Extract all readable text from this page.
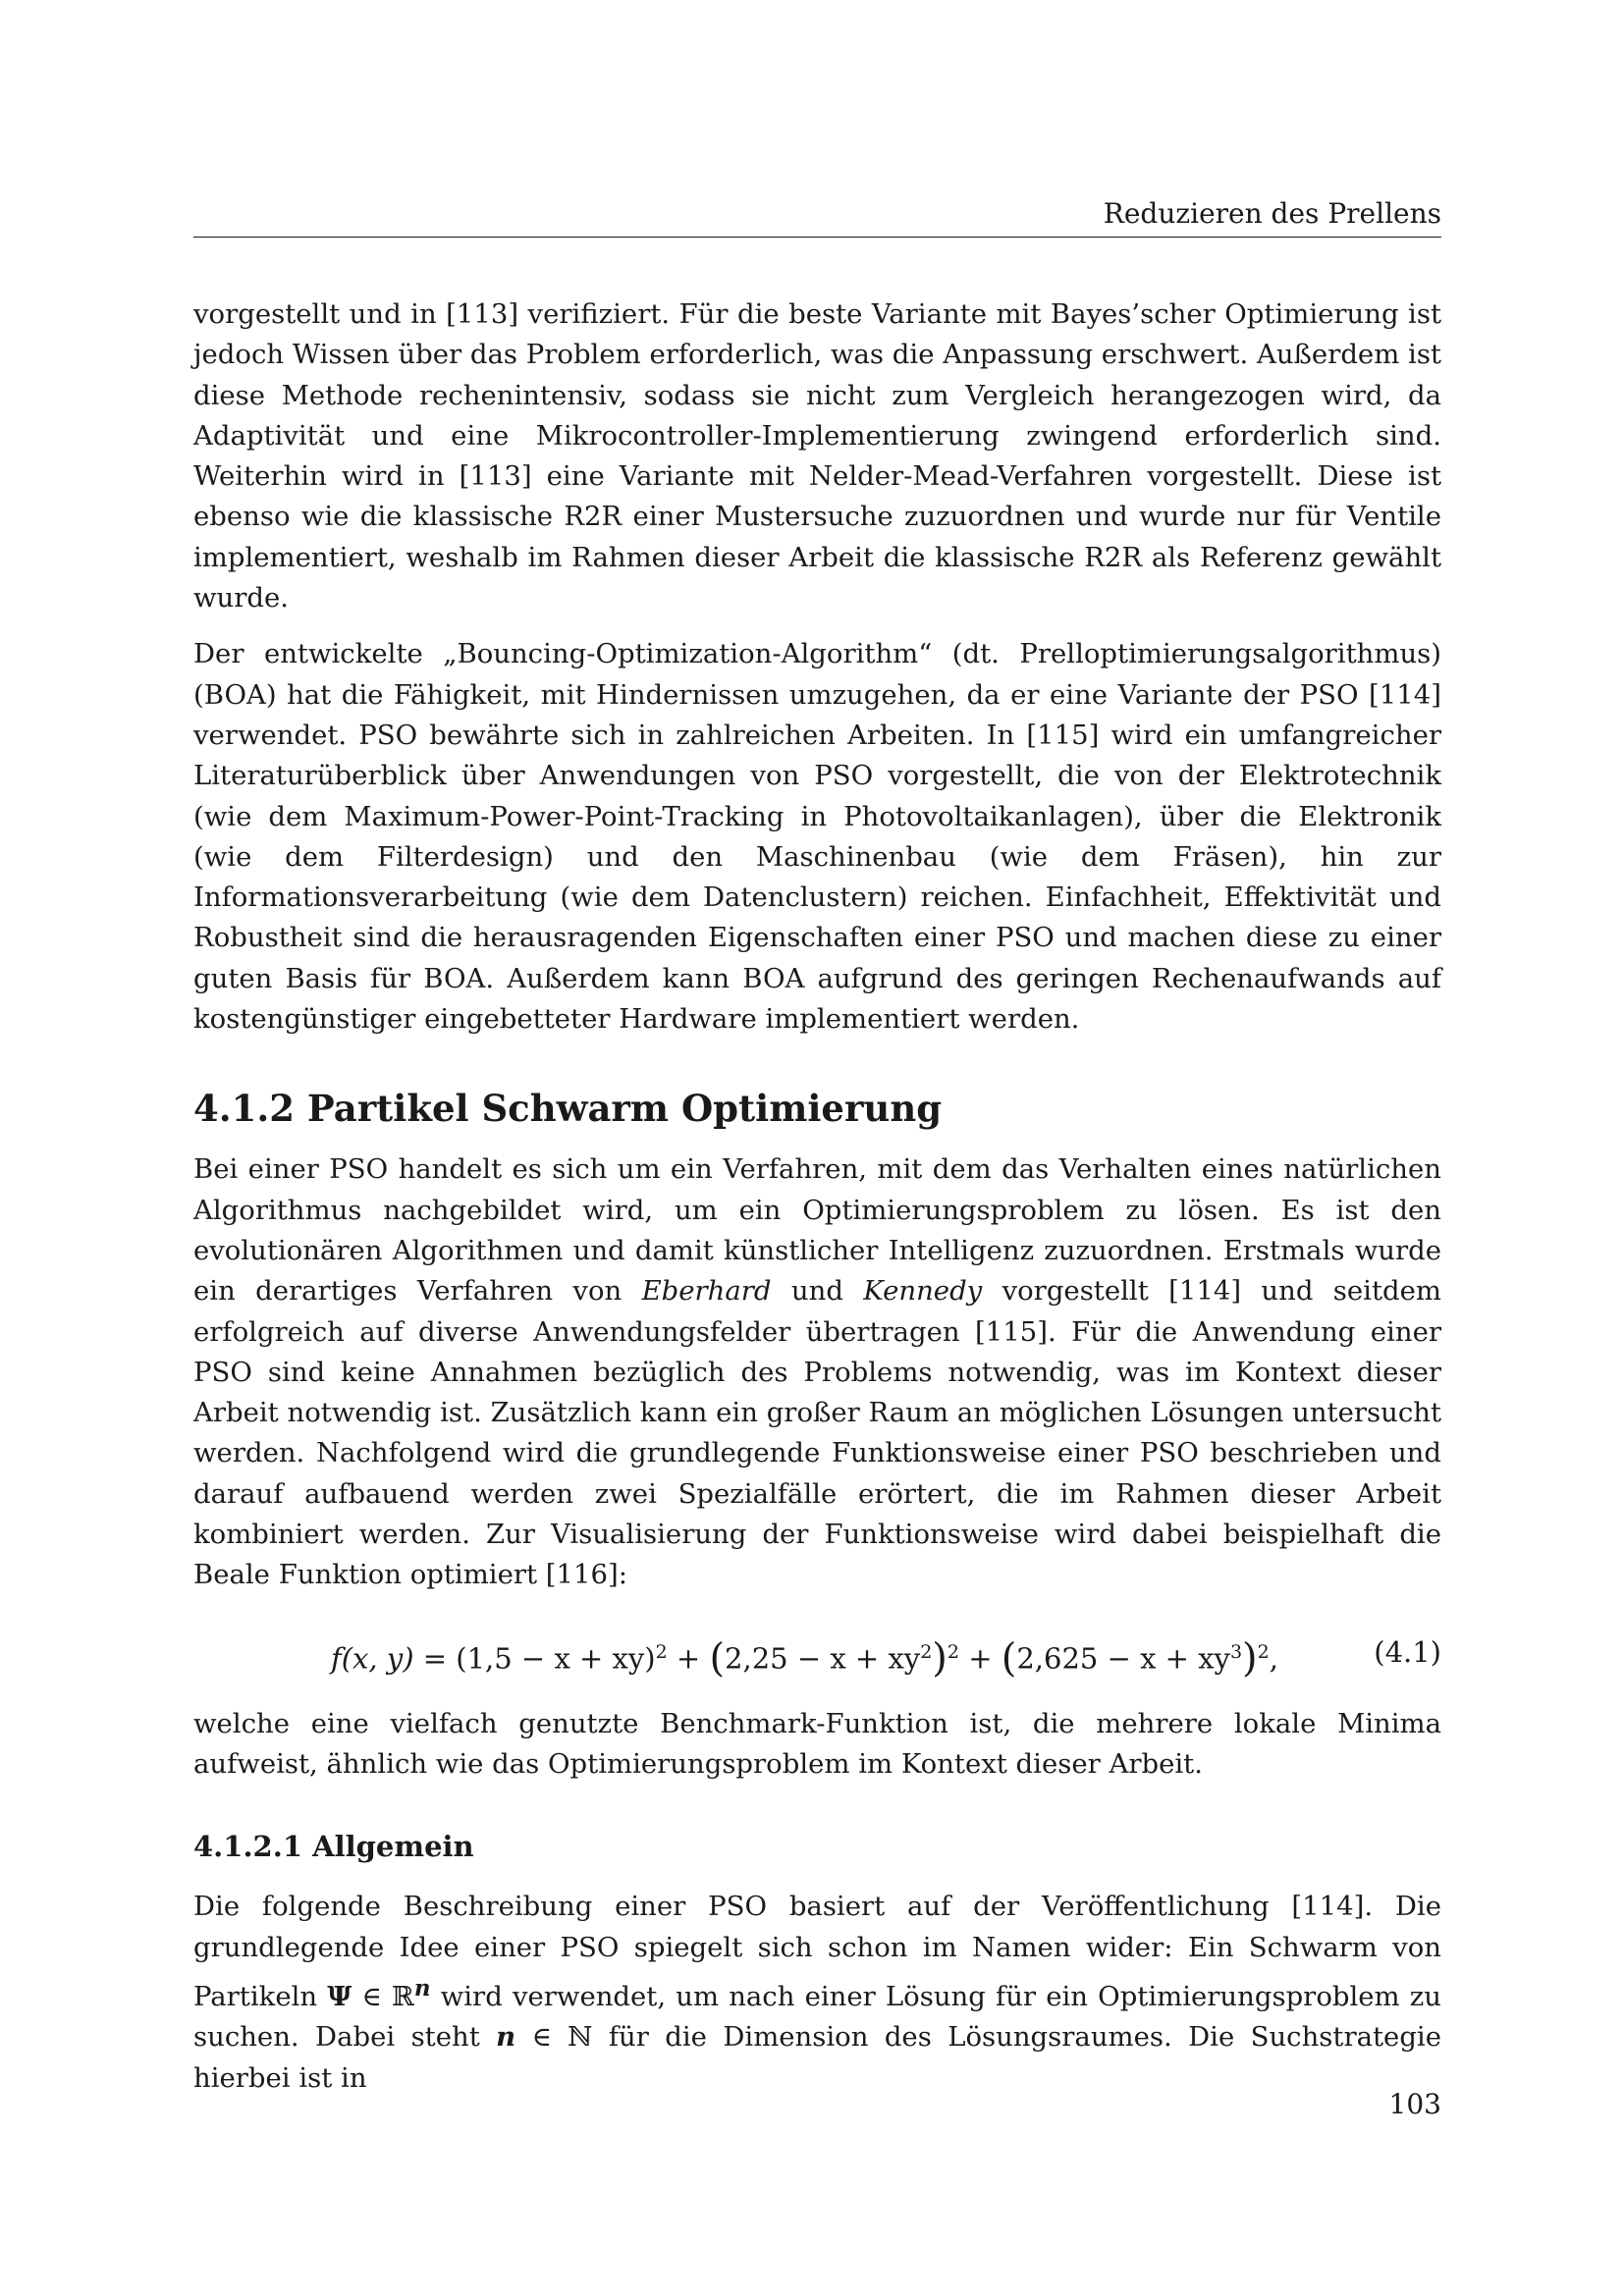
Reduzieren des Prellens

vorgestellt und in [113] verifiziert. Für die beste Variante mit Bayes’scher Optimierung ist jedoch Wissen über das Problem erforderlich, was die Anpassung erschwert. Außerdem ist diese Methode rechenintensiv, sodass sie nicht zum Vergleich herangezogen wird, da Adaptivität und eine Mikrocontroller-Implementierung zwingend erforderlich sind. Weiterhin wird in [113] eine Variante mit Nelder-Mead-Verfahren vorgestellt. Diese ist ebenso wie die klassische R2R einer Mustersuche zuzuordnen und wurde nur für Ventile implementiert, weshalb im Rahmen dieser Arbeit die klassische R2R als Referenz gewählt wurde.

Der entwickelte „Bouncing-Optimization-Algorithm“ (dt. Prelloptimierungsalgorithmus) (BOA) hat die Fähigkeit, mit Hindernissen umzugehen, da er eine Variante der PSO [114] verwendet. PSO bewährte sich in zahlreichen Arbeiten. In [115] wird ein umfangreicher Literaturüberblick über Anwendungen von PSO vorgestellt, die von der Elektrotechnik (wie dem Maximum-Power-Point-Tracking in Photovoltaikanlagen), über die Elektronik (wie dem Filterdesign) und den Maschinenbau (wie dem Fräsen), hin zur Informationsverarbeitung (wie dem Datenclustern) reichen. Einfachheit, Effektivität und Robustheit sind die herausragenden Eigenschaften einer PSO und machen diese zu einer guten Basis für BOA. Außerdem kann BOA aufgrund des geringen Rechenaufwands auf kostengünstiger eingebetteter Hardware implementiert werden.

4.1.2 Partikel Schwarm Optimierung

Bei einer PSO handelt es sich um ein Verfahren, mit dem das Verhalten eines natürlichen Algorithmus nachgebildet wird, um ein Optimierungsproblem zu lösen. Es ist den evolutionären Algorithmen und damit künstlicher Intelligenz zuzuordnen. Erstmals wurde ein derartiges Verfahren von Eberhard und Kennedy vorgestellt [114] und seitdem erfolgreich auf diverse Anwendungsfelder übertragen [115]. Für die Anwendung einer PSO sind keine Annahmen bezüglich des Problems notwendig, was im Kontext dieser Arbeit notwendig ist. Zusätzlich kann ein großer Raum an möglichen Lösungen untersucht werden. Nachfolgend wird die grundlegende Funktionsweise einer PSO beschrieben und darauf aufbauend werden zwei Spezialfälle erörtert, die im Rahmen dieser Arbeit kombiniert werden. Zur Visualisierung der Funktionsweise wird dabei beispielhaft die Beale Funktion optimiert [116]:

f(x, $y) = (1,5 - x + xy)^2 + (2,25 - x + xy^2)^2 + (2,625 - x + xy^3)^2$,	(4.1)

welche eine vielfach genutzte Benchmark-Funktion ist, die mehrere lokale Minima aufweist, ähnlich wie das Optimierungsproblem im Kontext dieser Arbeit.

4.1.2.1 Allgemein

Die folgende Beschreibung einer PSO basiert auf der Veröffentlichung [114]. Die grundlegende Idee einer PSO spiegelt sich schon im Namen wider: Ein Schwarm von Partikeln Ψ ∈ ℝ$^n$ wird verwendet, um nach einer Lösung für ein Optimierungsproblem zu suchen. Dabei steht n ∈ ℕ für die Dimension des Lösungsraumes. Die Suchstrategie hierbei ist in

103
